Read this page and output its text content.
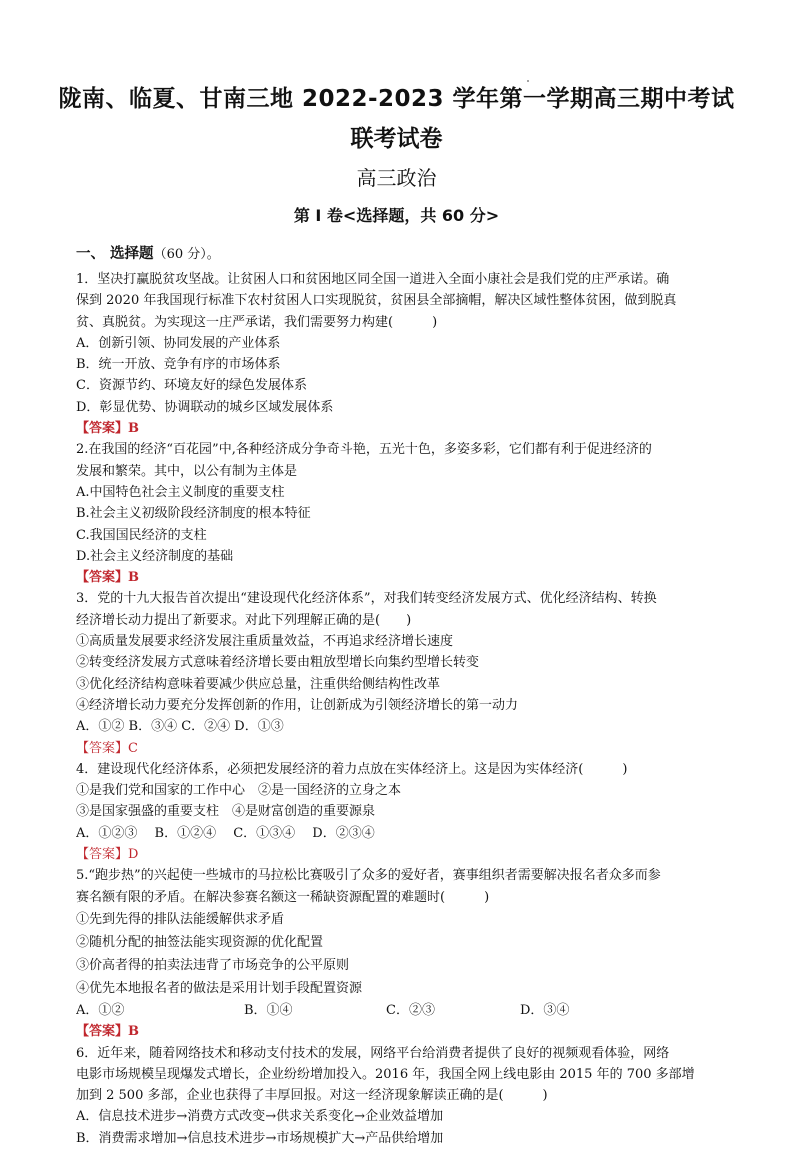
陇南、临夏、甘南三地 2022-2023 学年第一学期高三期中考试
联考试卷
高三政治
第 I 卷<选择题，共 60 分>
一、 选择题（60 分）。
1．坚决打赢脱贫攻坚战。让贫困人口和贫困地区同全国一道进入全面小康社会是我们党的庄严承诺。确
保到 2020 年我国现行标准下农村贫困人口实现脱贫，贫困县全部摘帽，解决区域性整体贫困，做到脱真
贫、真脱贫。为实现这一庄严承诺，我们需要努力构建(　　　)
A．创新引领、协同发展的产业体系
B．统一开放、竞争有序的市场体系
C．资源节约、环境友好的绿色发展体系
D．彰显优势、协调联动的城乡区域发展体系
【答案】B
2.在我国的经济“百花园”中,各种经济成分争奇斗艳，五光十色，多姿多彩，它们都有利于促进经济的
发展和繁荣。其中，以公有制为主体是
A.中国特色社会主义制度的重要支柱
B.社会主义初级阶段经济制度的根本特征
C.我国国民经济的支柱
D.社会主义经济制度的基础
【答案】B
3．党的十九大报告首次提出“建设现代化经济体系”，对我们转变经济发展方式、优化经济结构、转换
经济增长动力提出了新要求。对此下列理解正确的是(　　)
①高质量发展要求经济发展注重质量效益，不再追求经济增长速度
②转变经济发展方式意味着经济增长要由粗放型增长向集约型增长转变
③优化经济结构意味着要减少供应总量，注重供给侧结构性改革
④经济增长动力要充分发挥创新的作用，让创新成为引领经济增长的第一动力
A．①② B．③④ C．②④ D．①③
【答案】C
4．建设现代化经济体系，必须把发展经济的着力点放在实体经济上。这是因为实体经济(　　　)
①是我们党和国家的工作中心　②是一国经济的立身之本
③是国家强盛的重要支柱　④是财富创造的重要源泉
A．①②③　 B．①②④　 C．①③④　 D．②③④
【答案】D
5.“跑步热”的兴起使一些城市的马拉松比赛吸引了众多的爱好者，赛事组织者需要解决报名者众多而参
赛名额有限的矛盾。在解决参赛名额这一稀缺资源配置的难题时(　　　)
①先到先得的排队法能缓解供求矛盾
②随机分配的抽签法能实现资源的优化配置
③价高者得的拍卖法违背了市场竞争的公平原则
④优先本地报名者的做法是采用计划手段配置资源
A．①②	B．①④	C．②③	D．③④
【答案】B
6．近年来，随着网络技术和移动支付技术的发展，网络平台给消费者提供了良好的视频观看体验，网络
电影市场规模呈现爆发式增长，企业纷纷增加投入。2016 年，我国全网上线电影由 2015 年的 700 多部增
加到 2 500 多部，企业也获得了丰厚回报。对这一经济现象解读正确的是(　　　)
A．信息技术进步→消费方式改变→供求关系变化→企业效益增加
B．消费需求增加→信息技术进步→市场规模扩大→产品供给增加
